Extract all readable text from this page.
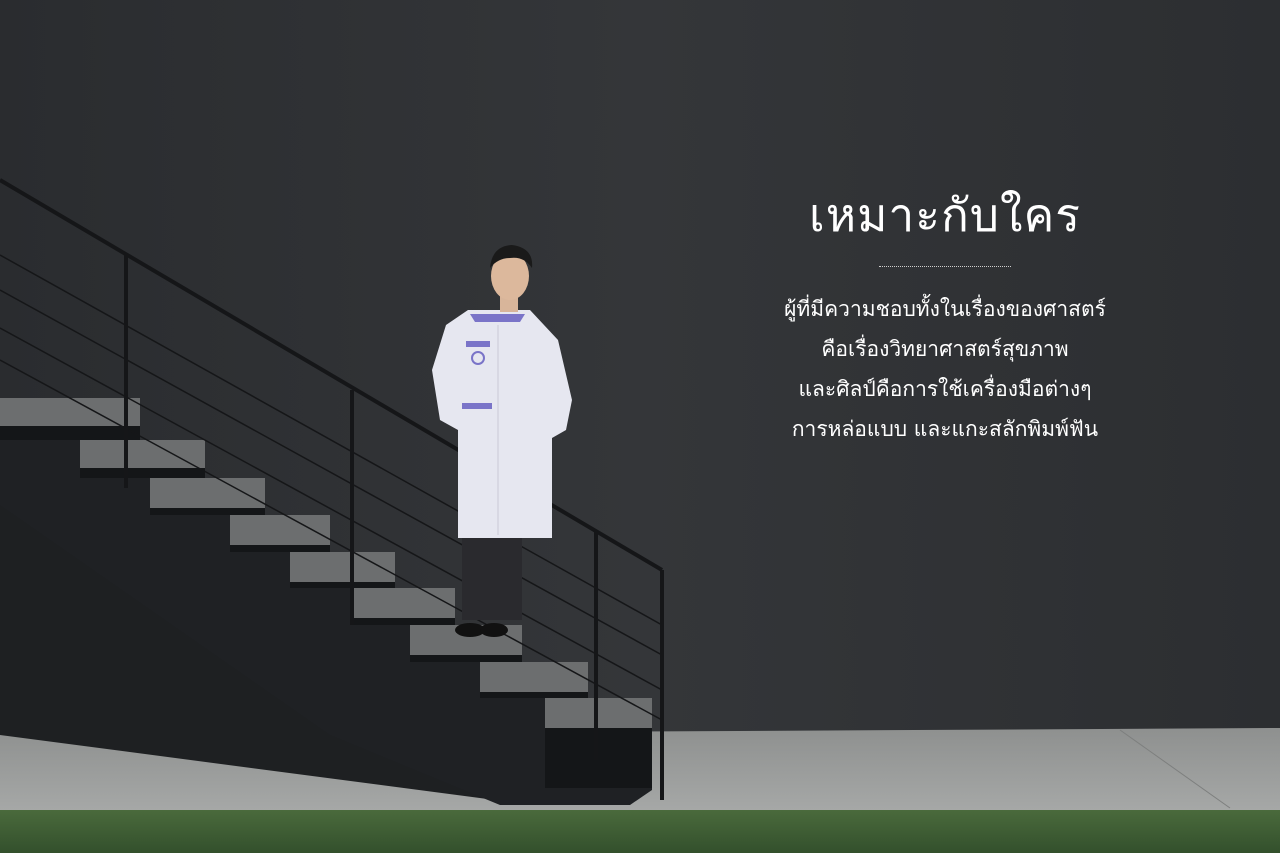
เหมาะกับใคร
ผู้ที่มีความชอบทั้งในเรื่องของศาสตร์
คือเรื่องวิทยาศาสตร์สุขภาพ
และศิลป์คือการใช้เครื่องมือต่างๆ
การหล่อแบบ และแกะสลักพิมพ์ฟัน
